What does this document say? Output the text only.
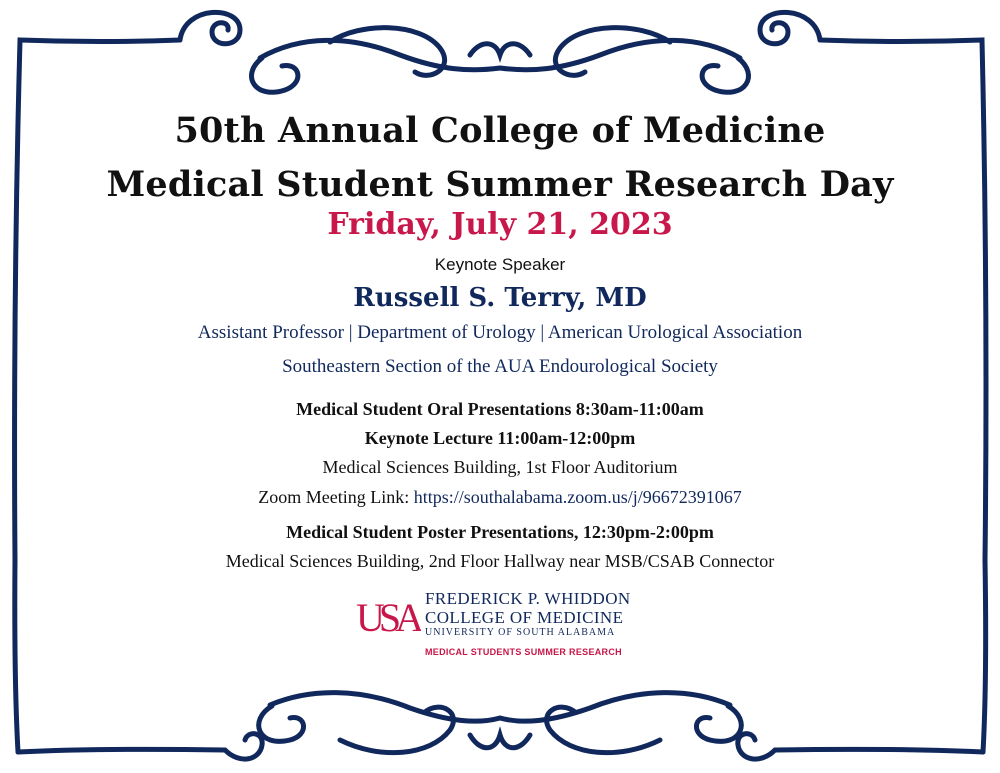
50th Annual College of Medicine
Medical Student Summer Research Day
Friday, July 21, 2023
Keynote Speaker
Russell S. Terry, MD
Assistant Professor | Department of Urology | American Urological Association
Southeastern Section of the AUA Endourological Society
Medical Student Oral Presentations 8:30am-11:00am
Keynote Lecture 11:00am-12:00pm
Medical Sciences Building, 1st Floor Auditorium
Zoom Meeting Link: https://southalabama.zoom.us/j/96672391067
Medical Student Poster Presentations, 12:30pm-2:00pm
Medical Sciences Building, 2nd Floor Hallway near MSB/CSAB Connector
USA FREDERICK P. WHIDDON
COLLEGE OF MEDICINE
UNIVERSITY OF SOUTH ALABAMA
MEDICAL STUDENTS SUMMER RESEARCH
